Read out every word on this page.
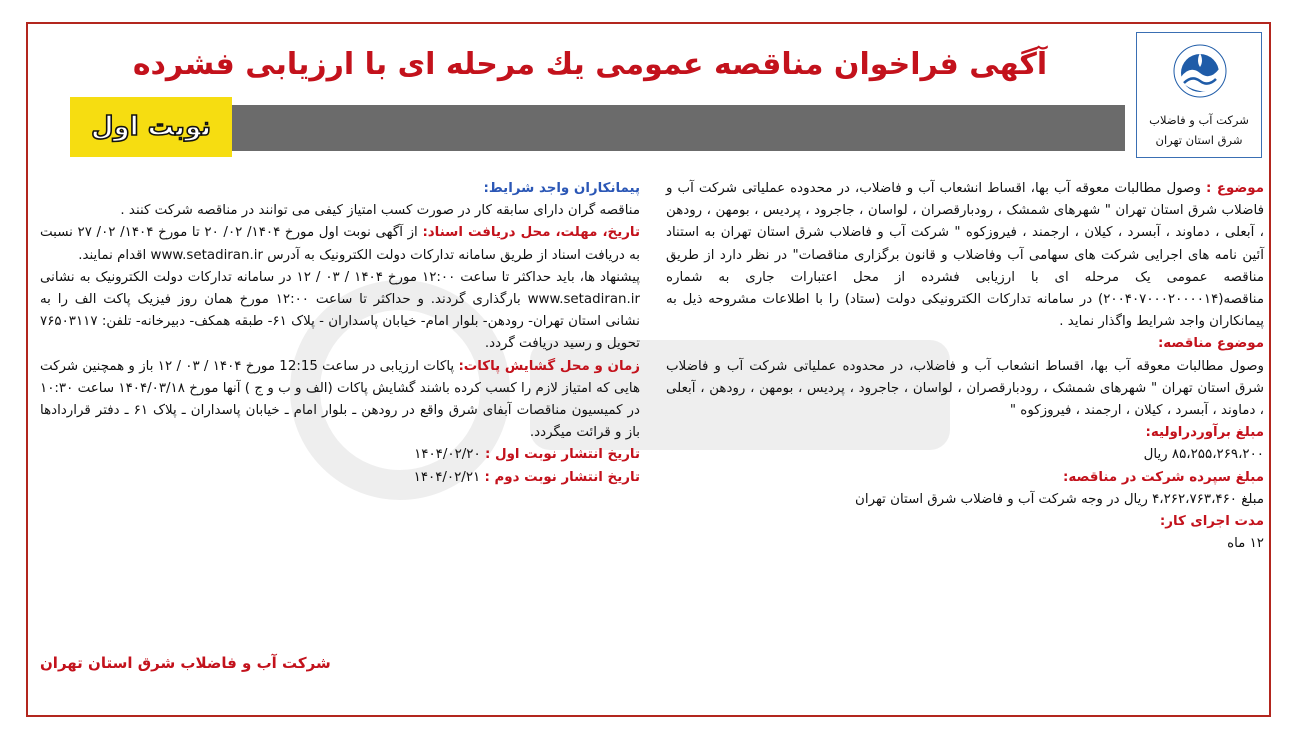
شرکت آب و فاضلاب
شرق استان تهران
آگهی فراخوان مناقصه عمومی یك مرحله ای با ارزیابی فشرده
نوبت اول

موضوع : وصول مطالبات معوقه آب بها، اقساط انشعاب آب و فاضلاب، در محدوده عملیاتی شرکت آب و فاضلاب شرق استان تهران " شهرهای شمشک ، رودبارقصران ، لواسان ، جاجرود ، پردیس ، بومهن ، رودهن ، آبعلی ، دماوند ، آبسرد ، کیلان ، ارجمند ، فیروزکوه " شرکت آب و فاضلاب شرق استان تهران به استناد آئین نامه های اجرایی شرکت های سهامی آب وفاضلاب و قانون برگزاری مناقصات" در نظر دارد از طریق مناقصه عمومی یک مرحله ای با ارزیابی فشرده از محل اعتبارات جاری به شماره مناقصه(۲۰۰۴۰۷۰۰۰۲۰۰۰۰۱۴) در سامانه تدارکات الکترونیکی دولت (ستاد) را با اطلاعات مشروحه ذیل به پیمانکاران واجد شرایط واگذار نماید .

موضوع مناقصه:

وصول مطالبات معوقه آب بها، اقساط انشعاب آب و فاضلاب، در محدوده عملیاتی شرکت آب و فاضلاب شرق استان تهران " شهرهای شمشک ، رودبارقصران ، لواسان ، جاجرود ، پردیس ، بومهن ، رودهن ، آبعلی ، دماوند ، آبسرد ، کیلان ، ارجمند ، فیروزکوه "

مبلغ برآوردراولیه:

۸۵،۲۵۵،۲۶۹،۲۰۰ ریال

مبلغ سپرده شرکت در مناقصه:

مبلغ ۴،۲۶۲،۷۶۳،۴۶۰ ریال در وجه شرکت آب و فاضلاب شرق استان تهران

مدت اجرای کار:

۱۲ ماه

پیمانکاران واجد شرایط:

مناقصه گران دارای سابقه کار در صورت کسب امتیاز کیفی می توانند در مناقصه شرکت کنند .

تاریخ، مهلت، محل دریافت اسناد: از آگهی نوبت اول مورخ ۱۴۰۴/ ۰۲/ ۲۰ تا مورخ ۱۴۰۴/ ۰۲/ ۲۷ نسبت به دریافت اسناد از طریق سامانه تدارکات دولت الکترونیک به آدرس www.setadiran.ir اقدام نمایند.

پیشنهاد ها، باید حداکثر تا ساعت ۱۲:۰۰ مورخ ۱۴۰۴ / ۰۳ / ۱۲ در سامانه تدارکات دولت الکترونیک به نشانی www.setadiran.ir بارگذاری گردند. و حداکثر تا ساعت ۱۲:۰۰ مورخ همان روز فیزیک پاکت الف را به نشانی استان تهران- رودهن- بلوار امام- خیابان پاسداران - پلاک ۶۱- طبقه همکف- دبیرخانه- تلفن: ۷۶۵۰۳۱۱۷ تحویل و رسید دریافت گردد.

زمان و محل گشایش پاکات: پاکات ارزیابی در ساعت 12:15 مورخ ۱۴۰۴ / ۰۳ / ۱۲ باز و همچنین شرکت هایی که امتیاز لازم را کسب کرده باشند گشایش پاکات (الف و ب و ج ) آنها مورخ ۱۴۰۴/۰۳/۱۸ ساعت ۱۰:۳۰ در کمیسیون مناقصات آبفای شرق واقع در رودهن ـ بلوار امام ـ خیابان پاسداران ـ پلاک ۶۱ ـ دفتر قراردادها باز و قرائت میگردد.

تاریخ انتشار نوبت اول : ۱۴۰۴/۰۲/۲۰

تاریخ انتشار نوبت دوم : ۱۴۰۴/۰۲/۲۱

شرکت آب و فاضلاب شرق استان تهران
